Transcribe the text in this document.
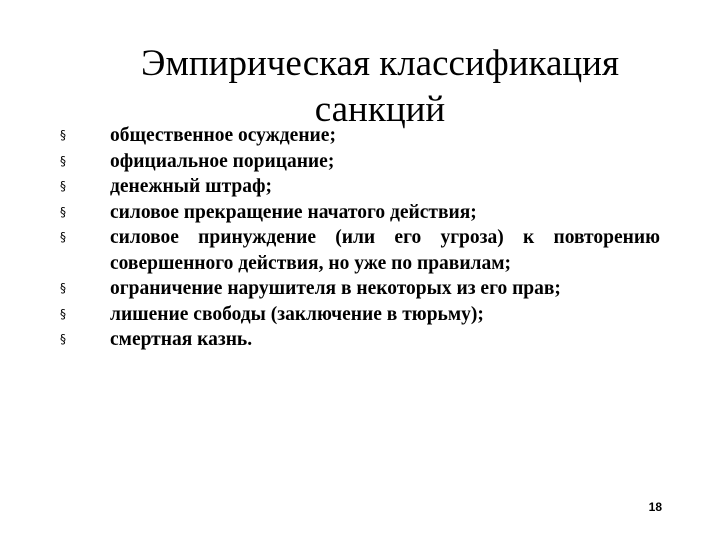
Эмпирическая классификация
санкций
§ общественное осуждение;
§ официальное порицание;
§ денежный штраф;
§ силовое прекращение начатого действия;
§ силовое принуждение (или его угроза) к повторению совершенного действия, но уже по правилам;
§ ограничение нарушителя в некоторых из его прав;
§ лишение свободы (заключение в тюрьму);
§ смертная казнь.
18
